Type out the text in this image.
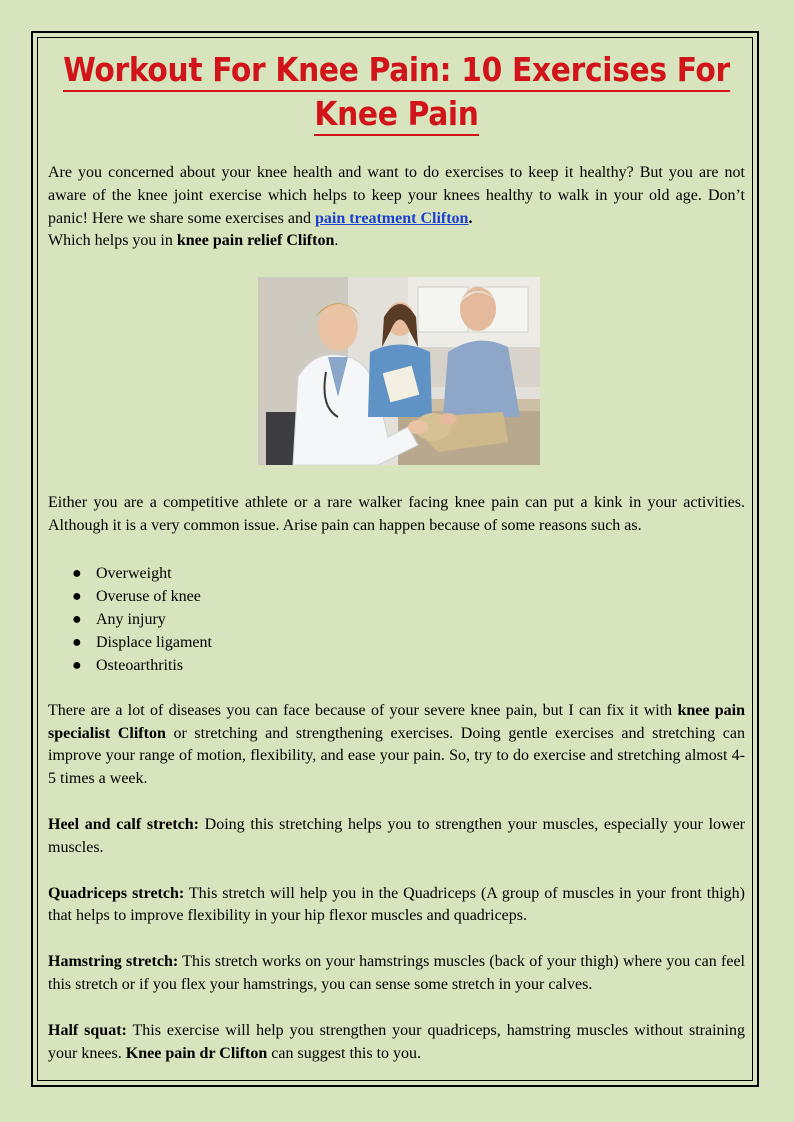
Workout For Knee Pain: 10 Exercises For Knee Pain

Are you concerned about your knee health and want to do exercises to keep it healthy? But you are not aware of the knee joint exercise which helps to keep your knees healthy to walk in your old age. Don’t panic! Here we share some exercises and pain treatment Clifton.
Which helps you in knee pain relief Clifton.

Either you are a competitive athlete or a rare walker facing knee pain can put a kink in your activities. Although it is a very common issue. Arise pain can happen because of some reasons such as.

● Overweight
● Overuse of knee
● Any injury
● Displace ligament
● Osteoarthritis

There are a lot of diseases you can face because of your severe knee pain, but I can fix it with knee pain specialist Clifton or stretching and strengthening exercises. Doing gentle exercises and stretching can improve your range of motion, flexibility, and ease your pain. So, try to do exercise and stretching almost 4-5 times a week.

Heel and calf stretch: Doing this stretching helps you to strengthen your muscles, especially your lower muscles.

Quadriceps stretch: This stretch will help you in the Quadriceps (A group of muscles in your front thigh) that helps to improve flexibility in your hip flexor muscles and quadriceps.

Hamstring stretch: This stretch works on your hamstrings muscles (back of your thigh) where you can feel this stretch or if you flex your hamstrings, you can sense some stretch in your calves.

Half squat: This exercise will help you strengthen your quadriceps, hamstring muscles without straining your knees. Knee pain dr Clifton can suggest this to you.
